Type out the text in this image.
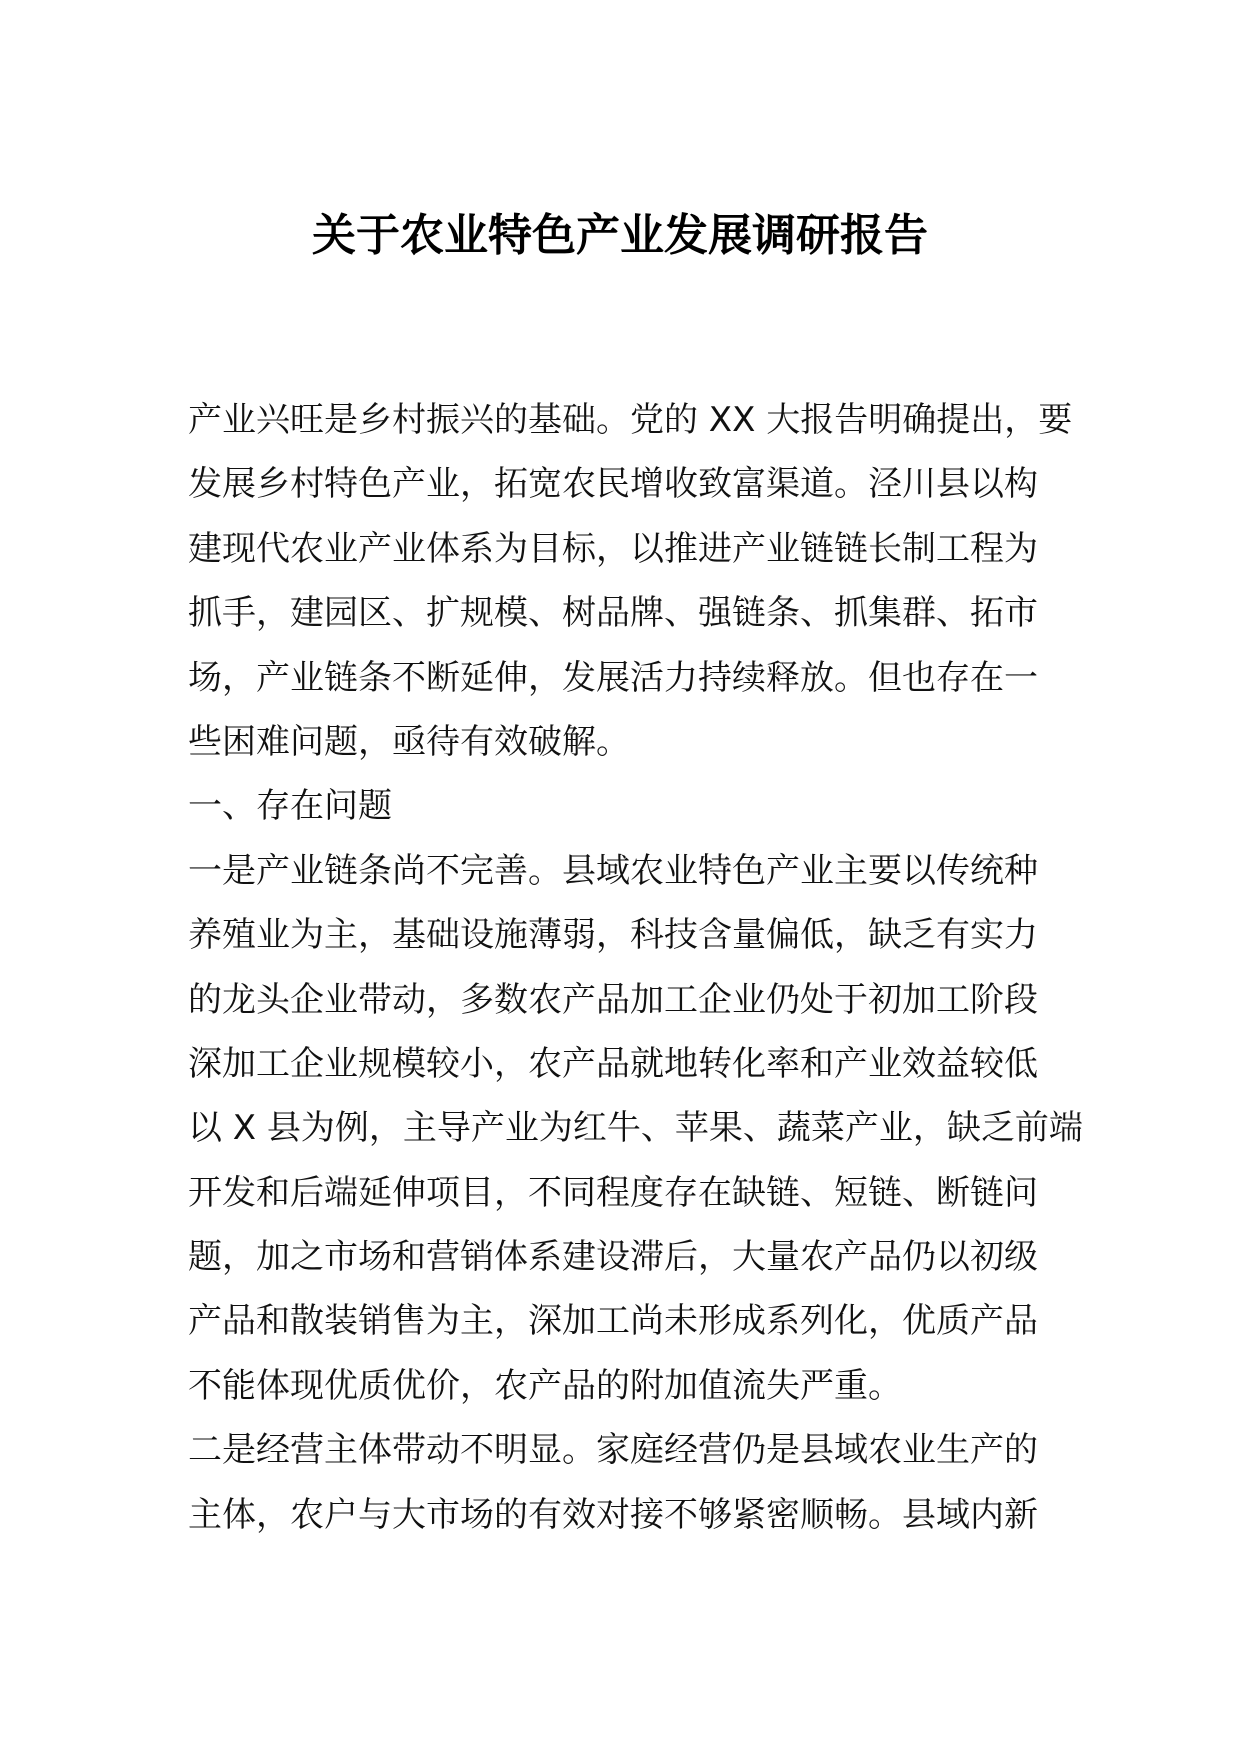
关于农业特色产业发展调研报告
产业兴旺是乡村振兴的基础。党的 XX 大报告明确提出，要
发展乡村特色产业，拓宽农民增收致富渠道。泾川县以构
建现代农业产业体系为目标，以推进产业链链长制工程为
抓手，建园区、扩规模、树品牌、强链条、抓集群、拓市
场，产业链条不断延伸，发展活力持续释放。但也存在一
些困难问题，亟待有效破解。
一、存在问题
一是产业链条尚不完善。县域农业特色产业主要以传统种
养殖业为主，基础设施薄弱，科技含量偏低，缺乏有实力
的龙头企业带动，多数农产品加工企业仍处于初加工阶段
深加工企业规模较小，农产品就地转化率和产业效益较低
以 X 县为例，主导产业为红牛、苹果、蔬菜产业，缺乏前端
开发和后端延伸项目，不同程度存在缺链、短链、断链问
题，加之市场和营销体系建设滞后，大量农产品仍以初级
产品和散装销售为主，深加工尚未形成系列化，优质产品
不能体现优质优价，农产品的附加值流失严重。
二是经营主体带动不明显。家庭经营仍是县域农业生产的
主体，农户与大市场的有效对接不够紧密顺畅。县域内新
